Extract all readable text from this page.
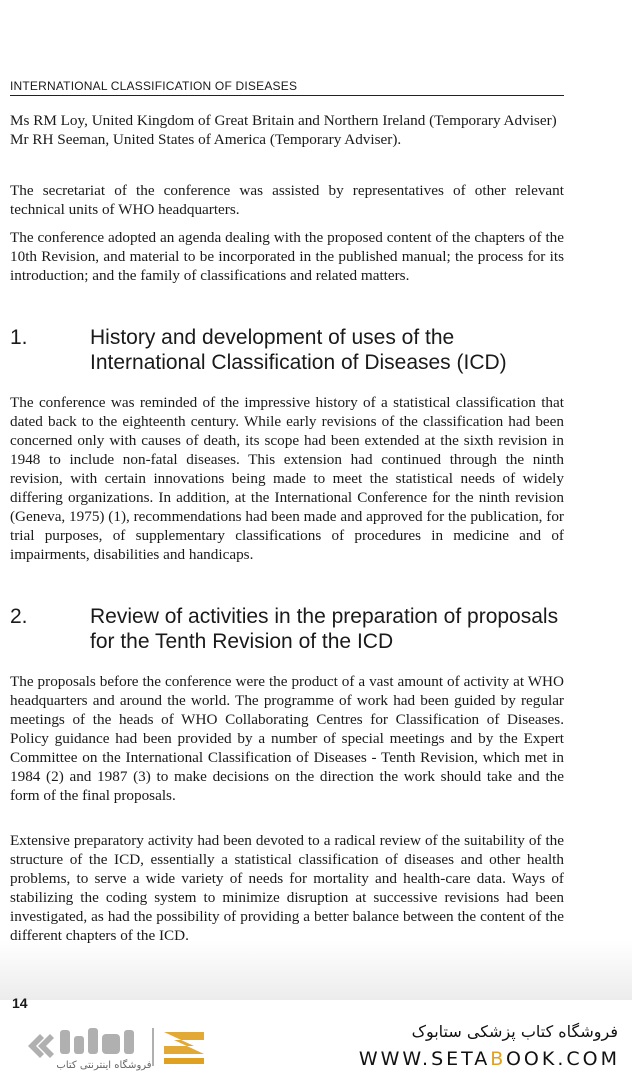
INTERNATIONAL CLASSIFICATION OF DISEASES

Ms RM Loy, United Kingdom of Great Britain and Northern Ireland (Temporary Adviser)

Mr RH Seeman, United States of America (Temporary Adviser).

The secretariat of the conference was assisted by representatives of other relevant technical units of WHO headquarters.

The conference adopted an agenda dealing with the proposed content of the chapters of the 10th Revision, and material to be incorporated in the published manual; the process for its introduction; and the family of classifications and related matters.

1.	History and development of uses of the International Classification of Diseases (ICD)

The conference was reminded of the impressive history of a statistical classification that dated back to the eighteenth century. While early revisions of the classification had been concerned only with causes of death, its scope had been extended at the sixth revision in 1948 to include non-fatal diseases. This extension had continued through the ninth revision, with certain innovations being made to meet the statistical needs of widely differing organizations. In addition, at the International Conference for the ninth revision (Geneva, 1975) (1), recommendations had been made and approved for the publication, for trial purposes, of supplementary classifications of procedures in medicine and of impairments, disabilities and handicaps.

2.	Review of activities in the preparation of proposals for the Tenth Revision of the ICD

The proposals before the conference were the product of a vast amount of activity at WHO headquarters and around the world. The programme of work had been guided by regular meetings of the heads of WHO Collaborating Centres for Classification of Diseases. Policy guidance had been provided by a number of special meetings and by the Expert Committee on the International Classification of Diseases - Tenth Revision, which met in 1984 (2) and 1987 (3) to make decisions on the direction the work should take and the form of the final proposals.

Extensive preparatory activity had been devoted to a radical review of the suitability of the structure of the ICD, essentially a statistical classification of diseases and other health problems, to serve a wide variety of needs for mortality and health-care data. Ways of stabilizing the coding system to minimize disruption at successive revisions had been investigated, as had the possibility of providing a better balance between the content of the different chapters of the ICD.

14
فروشگاه اینترنتی کتاب
فروشگاه کتاب پزشکی ستابوک
WWW.SETABOOK.COM
